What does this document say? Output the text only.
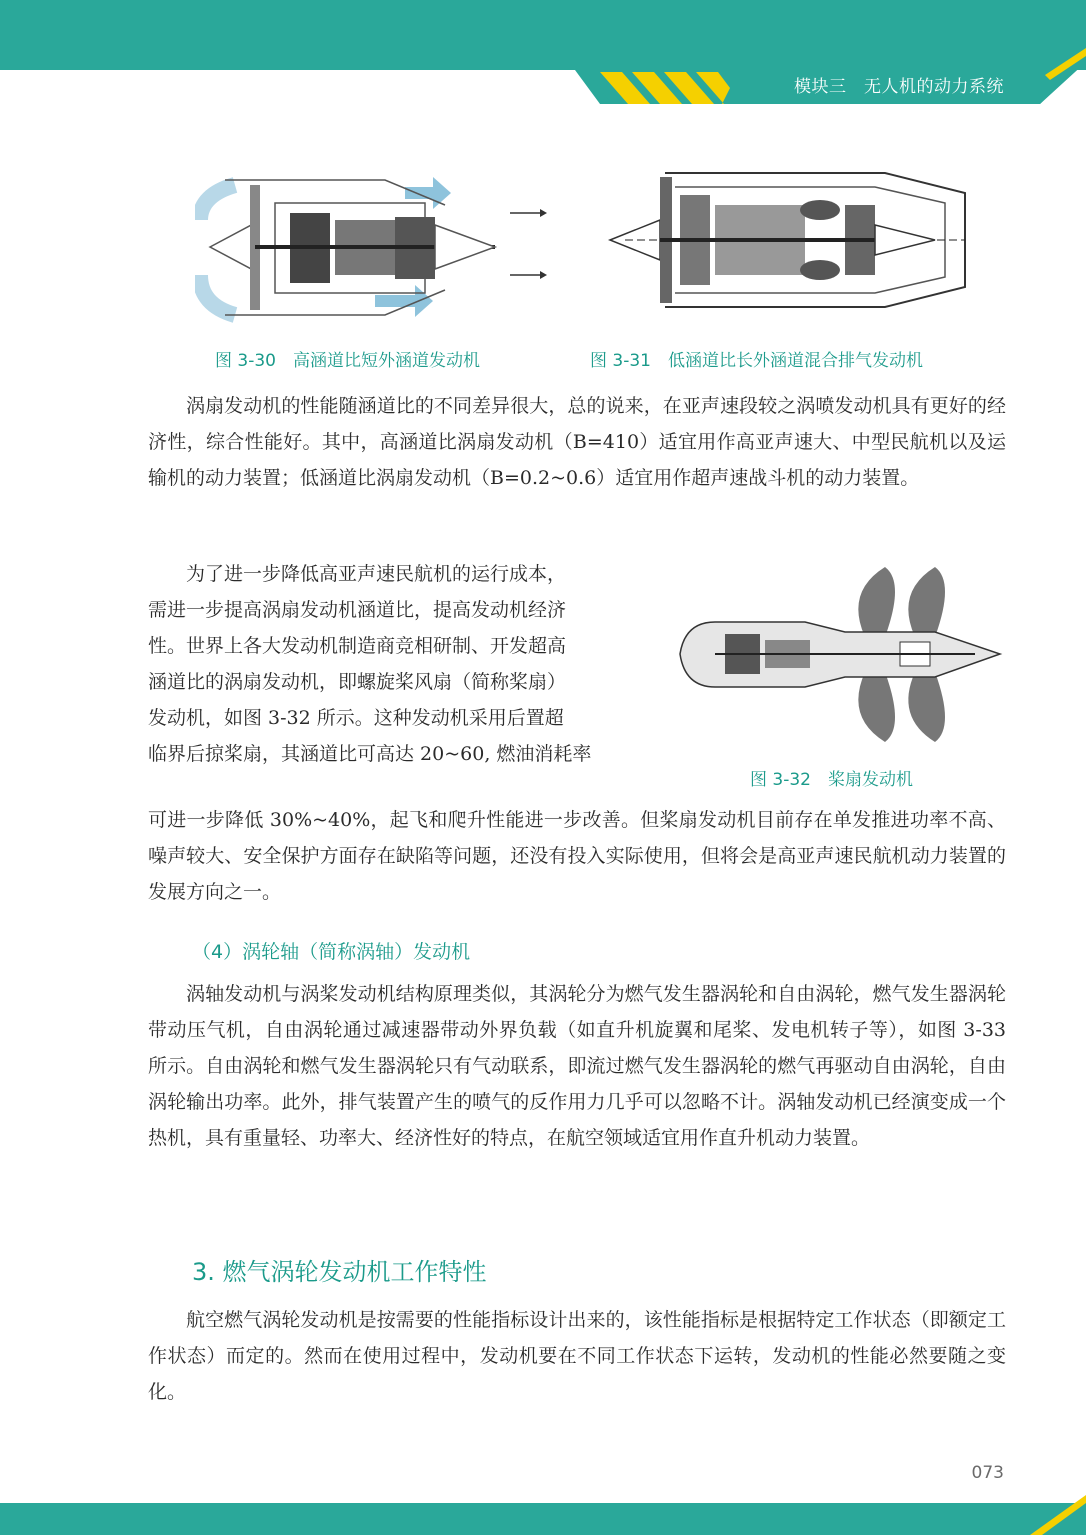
模块三　无人机的动力系统
图 3-30　高涵道比短外涵道发动机	图 3-31　低涵道比长外涵道混合排气发动机

涡扇发动机的性能随涵道比的不同差异很大，总的说来，在亚声速段较之涡喷发动机具有更好的经济性，综合性能好。其中，高涵道比涡扇发动机（B=410）适宜用作高亚声速大、中型民航机以及运输机的动力装置；低涵道比涡扇发动机（B=0.2~0.6）适宜用作超声速战斗机的动力装置。

为了进一步降低高亚声速民航机的运行成本，

需进一步提高涡扇发动机涵道比，提高发动机经济

性。世界上各大发动机制造商竞相研制、开发超高

涵道比的涡扇发动机，即螺旋桨风扇（简称桨扇）

发动机，如图 3-32 所示。这种发动机采用后置超

临界后掠桨扇，其涵道比可高达 20~60, 燃油消耗率

图 3-32　桨扇发动机

可进一步降低 30%~40%，起飞和爬升性能进一步改善。但桨扇发动机目前存在单发推进功率不高、噪声较大、安全保护方面存在缺陷等问题，还没有投入实际使用，但将会是高亚声速民航机动力装置的发展方向之一。

（4）涡轮轴（简称涡轴）发动机

涡轴发动机与涡桨发动机结构原理类似，其涡轮分为燃气发生器涡轮和自由涡轮，燃气发生器涡轮带动压气机，自由涡轮通过减速器带动外界负载（如直升机旋翼和尾桨、发电机转子等），如图 3-33 所示。自由涡轮和燃气发生器涡轮只有气动联系，即流过燃气发生器涡轮的燃气再驱动自由涡轮，自由涡轮输出功率。此外，排气装置产生的喷气的反作用力几乎可以忽略不计。涡轴发动机已经演变成一个热机，具有重量轻、功率大、经济性好的特点，在航空领域适宜用作直升机动力装置。

3. 燃气涡轮发动机工作特性

航空燃气涡轮发动机是按需要的性能指标设计出来的，该性能指标是根据特定工作状态（即额定工作状态）而定的。然而在使用过程中，发动机要在不同工作状态下运转，发动机的性能必然要随之变化。

073
